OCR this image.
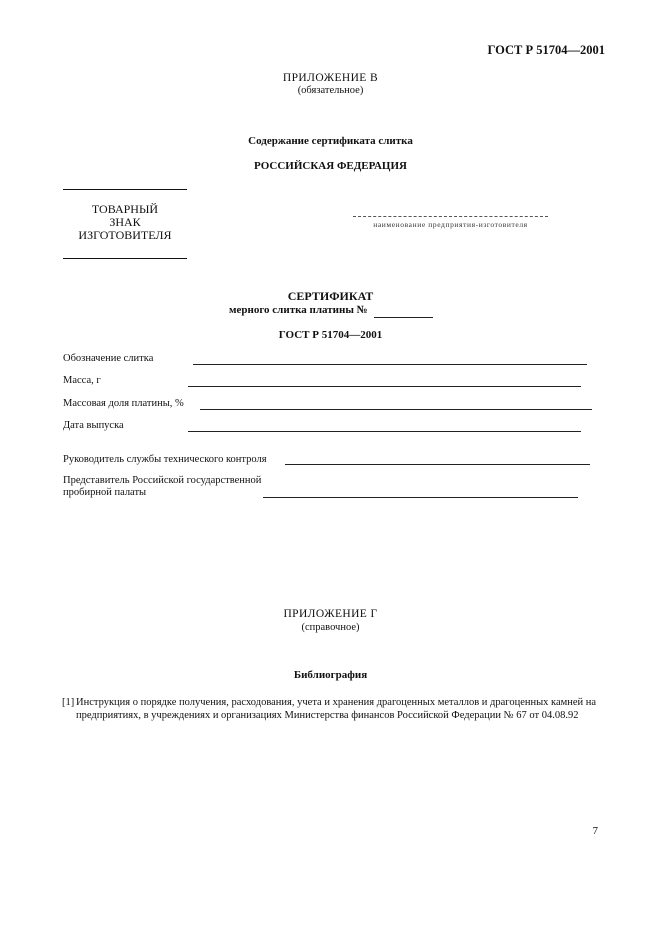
ГОСТ Р 51704—2001
ПРИЛОЖЕНИЕ В
(обязательное)
Содержание сертификата слитка
РОССИЙСКАЯ ФЕДЕРАЦИЯ
ТОВАРНЫЙ
ЗНАК
ИЗГОТОВИТЕЛЯ
наименование предприятия-изготовителя
СЕРТИФИКАТ
мерного слитка платины №
ГОСТ Р 51704—2001
Обозначение слитка
Масса, г
Массовая доля платины, %
Дата выпуска
Руководитель службы технического контроля
Представитель Российской государственной
пробирной палаты
ПРИЛОЖЕНИЕ Г
(справочное)
Библиография
[1] Инструкция о порядке получения, расходования, учета и хранения драгоценных металлов и драгоценных камней на предприятиях, в учреждениях и организациях Министерства финансов Российской Федерации № 67 от 04.08.92
7
